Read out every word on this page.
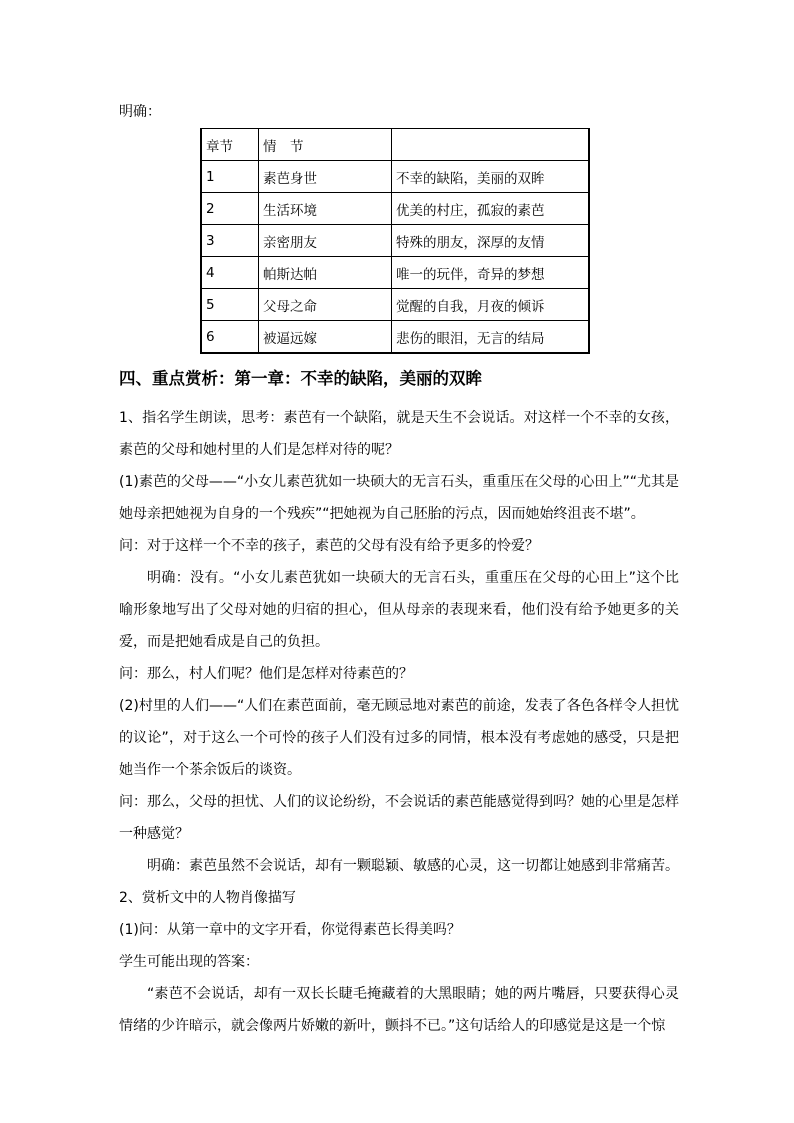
明确：
章节	情　节	
1	素芭身世	不幸的缺陷，美丽的双眸
2	生活环境	优美的村庄，孤寂的素芭
3	亲密朋友	特殊的朋友，深厚的友情
4	帕斯达帕	唯一的玩伴，奇异的梦想
5	父母之命	觉醒的自我，月夜的倾诉
6	被逼远嫁	悲伤的眼泪，无言的结局
四、重点赏析：第一章：不幸的缺陷，美丽的双眸

1、指名学生朗读，思考：素芭有一个缺陷，就是天生不会说话。对这样一个不幸的女孩，素芭的父母和她村里的人们是怎样对待的呢？

(1)素芭的父母——“小女儿素芭犹如一块硕大的无言石头，重重压在父母的心田上”“尤其是她母亲把她视为自身的一个残疾”“把她视为自己胚胎的污点，因而她始终沮丧不堪”。

问：对于这样一个不幸的孩子，素芭的父母有没有给予更多的怜爱？

明确：没有。“小女儿素芭犹如一块硕大的无言石头，重重压在父母的心田上”这个比喻形象地写出了父母对她的归宿的担心，但从母亲的表现来看，他们没有给予她更多的关爱，而是把她看成是自己的负担。

问：那么，村人们呢？他们是怎样对待素芭的？

(2)村里的人们——“人们在素芭面前，毫无顾忌地对素芭的前途，发表了各色各样令人担忧的议论”，对于这么一个可怜的孩子人们没有过多的同情，根本没有考虑她的感受，只是把她当作一个茶余饭后的谈资。

问：那么，父母的担忧、人们的议论纷纷，不会说话的素芭能感觉得到吗？她的心里是怎样一种感觉？

明确：素芭虽然不会说话，却有一颗聪颖、敏感的心灵，这一切都让她感到非常痛苦。

2、赏析文中的人物肖像描写

(1)问：从第一章中的文字开看，你觉得素芭长得美吗？

学生可能出现的答案：

“素芭不会说话，却有一双长长睫毛掩藏着的大黑眼睛；她的两片嘴唇，只要获得心灵情绪的少许暗示，就会像两片娇嫩的新叶，颤抖不已。”这句话给人的印感觉是这是一个惊
